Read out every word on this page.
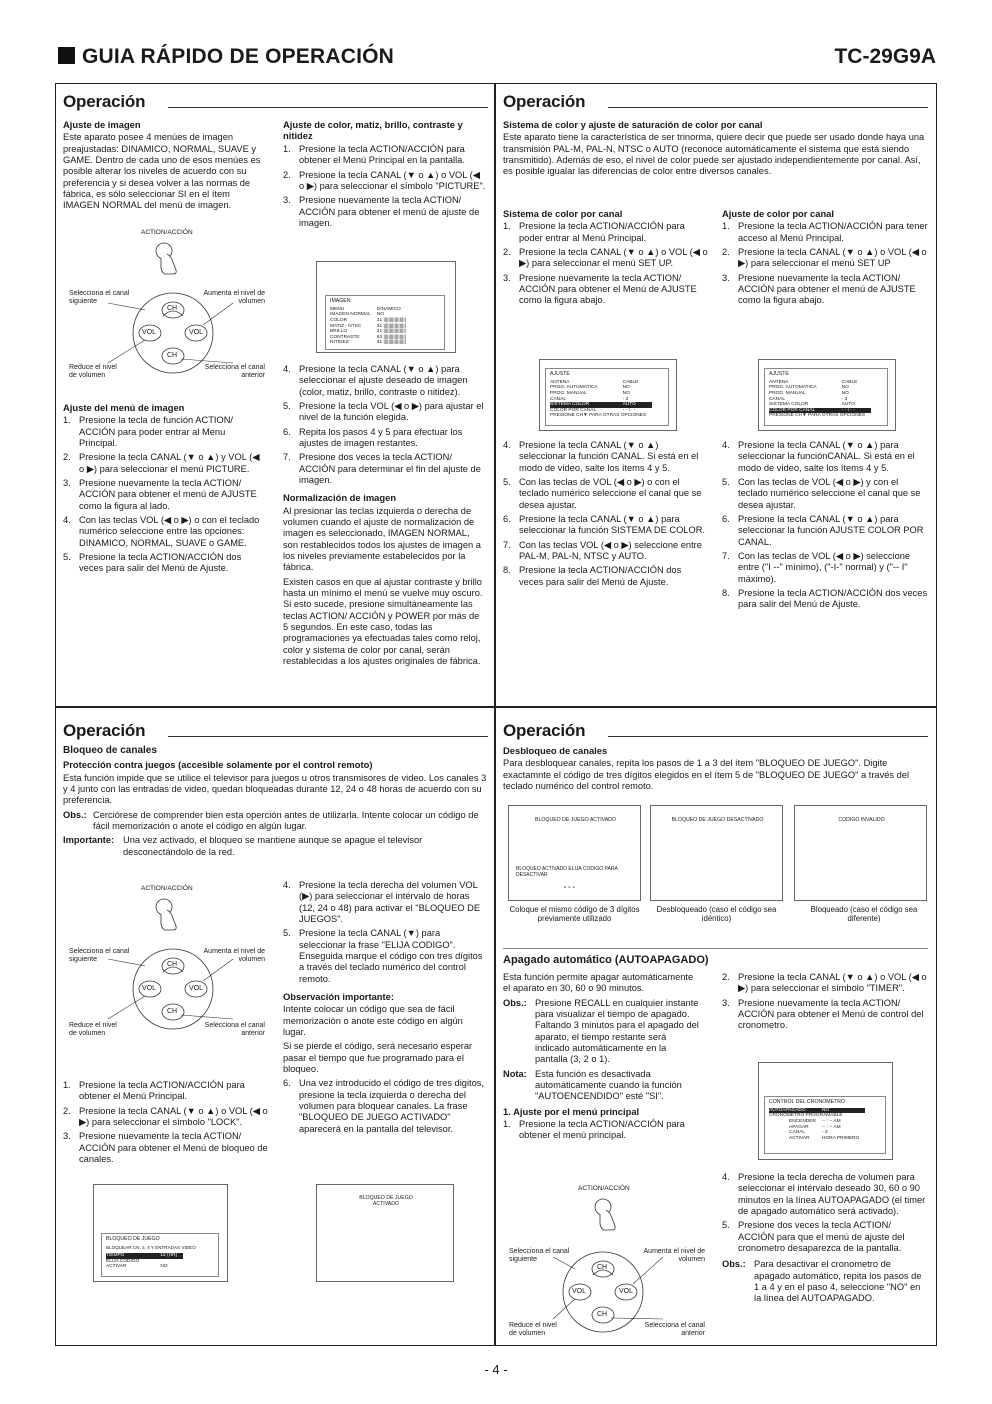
GUIA RÁPIDO DE OPERACIÓN	TC-29G9A
Operación
Ajuste de imagen
Este aparato posee 4 menúes de imagen preajustadas: DINAMICO, NORMAL, SUAVE y GAME. Dentro de cada uno de esos menúes es posible alterar los niveles de acuerdo con su preferencia y si desea volver a las normas de fábrica, es sólo seleccionar SI en el ítem IMAGEN NORMAL del menú de imagen.
ACTION/ACCIÓN
CH
CH
VOL	VOL
Selecciona el canal siguiente
Aumenta el nivel de volumen
Reduce el nivel de volumen
Selecciona el canal anterior
Ajuste del menú de imagen
1. Presione la tecla de función ACTION/ ACCIÓN para poder entrar al Menu Principal.
2. Presione la tecla CANAL (▼ o ▲) y VOL (◀ o ▶) para seleccionar el menú PICTURE.
3. Presione nuevamente la tecla ACTION/ ACCIÓN para obtener el menú de AJUSTE como la figura al lado.
4. Con las teclas VOL (◀ o ▶) o con el teclado numérico seleccione entre las opciones: DINAMICO, NORMAL, SUAVE o GAME.
5. Presione la tecla ACTION/ACCIÓN dos veces para salir del Menú de Ajuste.
Ajuste de color, matiz, brillo, contraste y nitidez
1. Presione la tecla ACTION/ACCIÓN para obtener el Menú Principal en la pantalla.
2. Presione la tecla CANAL (▼ o ▲) o VOL (◀ o ▶) para seleccionar el símbolo "PICTURE".
3. Presione nuevamente la tecla ACTION/ ACCIÓN para obtener el menú de ajuste de imagen.
IMAGEN
MENU	DINAMICO
IMAGEN NORMAL	NO
COLOR	31 ||||||||||||||||||
MATIZ - NTSC	31 ||||||||||||||||||
BRILLO	31 ||||||||||||||||||
CONTRASTE	63 ||||||||||||||||||
NITIDEZ	31 ||||||||||||||||||
4. Presione la tecla CANAL (▼ o ▲) para seleccionar el ajuste deseado de imagen (color, matiz, brillo, contraste o nitidez).
5. Presione la tecla VOL (◀ o ▶) para ajustar el nivel de la función elegida.
6. Repita los pasos 4 y 5 para efectuar los ajustes de imagen restantes.
7. Presione dos veces la tecla ACTION/ ACCIÓN para determinar el fin del ajuste de imagen.
Normalización de imagen
Al presionar las teclas izquierda o derecha de volumen cuando el ajuste de normalización de imagen es seleccionado, IMAGEN NORMAL, son restablecidos todos los ajustes de imagen a los niveles previamente estabelecidos por la fábrica.
Existen casos en que al ajustar contraste y brillo hasta un mínimo el menú se vuelve muy oscuro. Si esto sucede, presione simultáneamente las teclas ACTION/ ACCIÓN y POWER por más de 5 segundos. En este caso, todas las programaciones ya efectuadas tales como reloj, color y sistema de color por canal, serán restablecidas a los ajustes originales de fábrica.
Operación
Sistema de color y ajuste de saturación de color por canal
Este aparato tiene la característica de ser trinorma, quiere decir que puede ser usado donde haya una transmisión PAL-M, PAL-N, NTSC o AUTO (reconoce automáticamente el sistema que está siendo transmitido). Además de eso, el nivel de color puede ser ajustado independientemente por canal. Así, es posible igualar las diferencias de color entre diversos canales.
Sistema de color por canal
1. Presione la tecla ACTION/ACCIÓN para poder entrar al Menú Principal.
2. Presione la tecla CANAL (▼ o ▲) o VOL (◀ o ▶) para seleccionar el menú SET UP.
3. Presione nuevamente la tecla ACTION/ ACCIÓN para obtener el Menú de AJUSTE como la figura abajo.
Ajuste de color por canal
1. Presione la tecla ACTION/ACCIÓN para tener acceso al Menú Principal.
2. Presione la tecla CANAL (▼ o ▲) o VOL (◀ o ▶) para seleccionar el menú SET UP
3. Presione nuevamente la tecla ACTION/ ACCIÓN para obtener el menú de AJUSTE como la figura abajo.
AJUSTE
ANTENA	CABLE
PROG. AUTOMATICA	NO
PROG. MANUAL	NO
CANAL	- 3
SISTEMA COLOR	AUTO
COLOR POR CANAL	- - I - -
PRESIONE CH▼ PARA OTRAS OPCIONES	
AJUSTE
ANTENA	CABLE
PROG. AUTOMATICA	NO
PROG. MANUAL	NO
CANAL	- 3
SISTEMA COLOR	AUTO
COLOR POR CANAL	- - I - -
PRESIONE CH▼ PARA OTRAS OPCIONES	
4. Presione la tecla CANAL (▼ o ▲) seleccionar la función CANAL. Si está en el modo de video, salte los ítems 4 y 5.
5. Con las teclas de VOL (◀ o ▶) o con el teclado numérico seleccione el canal que se desea ajustar.
6. Presione la tecla CANAL (▼ o ▲) para seleccionar la función SISTEMA DE COLOR.
7. Con las teclas VOL (◀ o ▶) seleccione entre PAL-M, PAL-N, NTSC y AUTO.
8. Presione la tecla ACTION/ACCIÓN dos veces para salir del Menú de Ajuste.
4. Presione la tecla CANAL (▼ o ▲) para seleccionar la funciónCANAL. Si está en el modo de video, salte los ítems 4 y 5.
5. Con las teclas de VOL (◀ o ▶) y con el teclado numérico seleccione el canal que se desea ajustar.
6. Presione la tecla CANAL (▼ o ▲) para seleccionar la función AJUSTE COLOR POR CANAL.
7. Con las teclas de VOL (◀ o ▶) seleccione entre ("I --" mínimo), ("-I-" normal) y ("-- I" máximo).
8. Presione la tecla ACTION/ACCIÓN dos veces para salir del Menú de Ajuste.
Operación
Bloqueo de canales
Protección contra juegos (accesible solamente por el control remoto)
Esta función impide que se utilice el televisor para juegos u otros transmisores de video. Los canales 3 y 4 junto con las entradas de video, quedan bloqueadas durante 12, 24 o 48 horas de acuerdo con su preferencia.
Obs.: Cerciórese de comprender bien esta operción antes de utilizarla. Intente colocar un código de fácil memorización o anote el código en algún lugar.
Importante: Una vez activado, el bloqueo se mantiene aunque se apague el televisor desconectándolo de la red.
ACTION/ACCIÓN
CH
CH
VOL	VOL
Selecciona el canal siguiente
Aumenta el nivel de volumen
Reduce el nivel de volumen
Selecciona el canal anterior
1. Presione la tecla ACTION/ACCIÓN para obtener el Menú Principal.
2. Presione la tecla CANAL (▼ o ▲) o VOL (◀ o ▶) para seleccionar el símbolo "LOCK".
3. Presione nuevamente la tecla ACTION/ ACCIÓN para obtener el Menú de bloqueo de canales.
4. Presione la tecla derecha del volumen VOL (▶) para seleccionar el intérvalo de horas (12, 24 o 48) para activar el "BLOQUEO DE JUEGOS".
5. Presione la tecla CANAL (▼) para seleccionar la frase "ELIJA CODIGO". Enseguida marque el código con tres dígitos a través del teclado numérico del control remoto.
Observación importante:
Intente colocar un código que sea de fácil memorización o anote este código en algún lugar.
Si se pierde el código, será necesario esperar pasar el tiempo que fue programado para el bloqueo.
6. Una vez introducido el código de tres digitos, presione la tecla izquierda o derecha del volumen para bloquear canales. La frase "BLOQUEO DE JUEGO ACTIVADO" aparecerá en la pantalla del televisor.
BLOQUEO DE JUEGO
BLOQUEAR CN. 3, 4 Y ENTRADAS VIDEO
TIEMPO	12 (HR)
ELIJA CODIGO	
ACTIVAR	NO
BLOQUEO DE JUEGO ACTIVADO
Operación
Desbloqueo de canales
Para desbloquear canales, repita los pasos de 1 a 3 del ítem "BLOQUEO DE JUEGO". Digite exactamnte el código de tres dígitos elegidos en el ítem 5 de "BLOQUEO DE JUEGO" a través del teclado numérico del control remoto.
BLOQUEO DE JUEGO ACTIVADO
BLOQUEO ACTIVADO ELIJA CODIGO PARA DESACTIVAR
- - -
BLOQUEO DE JUEGO DESACTIVADO	CODIGO INVALIDO
Coloque el mismo código de 3 dígitos previamente utilizado
Desbloqueado (caso el código sea idéntico)
Bloqueado (caso el código sea diferente)
Apagado automático (AUTOAPAGADO)
Esta función permite apagar automáticamente el aparato en 30, 60 o 90 minutos.
Obs.: Presione RECALL en cualquier instante para visualizar el tiempo de apagado. Faltando 3 minutos para el apagado del aparato, el tiempo restante será indicado automáticamente en la pantalla (3, 2 o 1).
Nota: Esta función es desactivada automáticamente cuando la función "AUTOENCENDIDO" esté "SI".
1. Ajuste por el menú principal
1. Presione la tecla ACTION/ACCIÓN para obtener el menú principal.
ACTION/ACCIÓN
CH
CH
VOL	VOL
Selecciona el canal siguiente
Aumenta el nivel de volumen
Reduce el nivel de volumen
Selecciona el canal anterior
2. Presione la tecla CANAL (▼ o ▲) o VOL (◀ o ▶) para seleccionar el símbolo "TIMER".
3. Presione nuevamente la tecla ACTION/ ACCIÓN para obtener el Menú de control del cronometro.
CONTROL DEL CRONOMETRO
AUTOAPAGADO	NO
CRONOMETRO PROGRAMABLE	
ENCENDER	-- : -- AM
APAGAR	-- : -- AM
CANAL	- 3
ACTIVAR	HORA PRIMERO
4. Presione la tecla derecha de volumen para seleccionar el intérvalo deseado 30, 60 o 90 minutos en la línea AUTOAPAGADO (el timer de apagado automático será activado).
5. Presione dos veces la tecla ACTION/ ACCIÓN para que el menú de ajuste del cronometro desaparezca de la pantalla.
Obs.: Para desactivar el cronometro de apagado automático, repita los pasos de 1 a 4 y en el paso 4, seleccione "NO" en la línea del AUTOAPAGADO.
- 4 -
